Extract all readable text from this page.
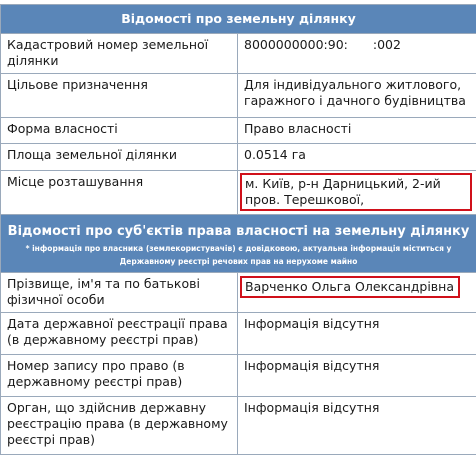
Відомості про земельну ділянку	
Кадастровий номер земельної ділянки	8000000000:90:  :002
Цільове призначення	Для індивідуального житлового, гаражного і дачного будівництва
Форма власності	Право власності
Площа земельної ділянки	0.0514 га
Місце розташування	м. Київ, р-н Дарницький, 2-ий пров. Терешкової,

Відомості про суб'єктів права власності на земельну ділянку
* інформація про власника (землекористувачів) є довідковою, актуальна інформація міститься у Державному реєстрі речових прав на нерухоме майно	

Прізвище, ім'я та по батькові фізичної особи	Варченко Ольга Олександрівна
Дата державної реєстрації права (в державному реєстрі прав)	Інформація відсутня
Номер запису про право (в державному реєстрі прав)	Інформація відсутня
Орган, що здійснив державну реєстрацію права (в державному реєстрі прав)	Інформація відсутня
